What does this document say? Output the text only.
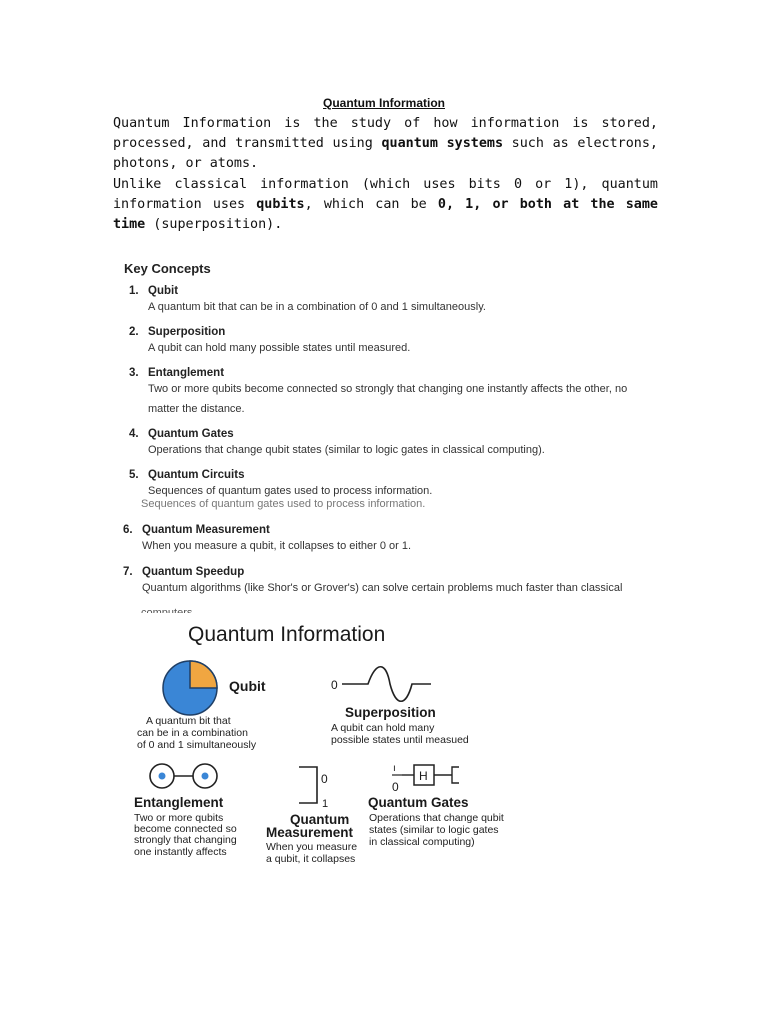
Quantum Information

Quantum Information is the study of how information is stored, processed, and transmitted using quantum systems such as electrons, photons, or atoms.

Unlike classical information (which uses bits 0 or 1), quantum information uses qubits, which can be 0, 1, or both at the same time (superposition).

Key Concepts
1. Qubit
A quantum bit that can be in a combination of 0 and 1 simultaneously.
2. Superposition
A qubit can hold many possible states until measured.
3. Entanglement
Two or more qubits become connected so strongly that changing one instantly affects the other, no matter the distance.
4. Quantum Gates
Operations that change qubit states (similar to logic gates in classical computing).
5. Quantum Circuits
Sequences of quantum gates used to process information.
Sequences of quantum gates used to process information.
6. Quantum Measurement
When you measure a qubit, it collapses to either 0 or 1.
7. Quantum Speedup
Quantum algorithms (like Shor's or Grover's) can solve certain problems much faster than classical
Quantum Information
Qubit
A quantum bit that
can be in a combination
of 0 and 1 simultaneously
0
Superposition
A qubit can hold many
possible states until measued
Entanglement
Two or more qubits
become connected so
strongly that changing
one instantly affects
0
1
Quantum
Measurement
When you measure
a qubit, it collapses
ı
0
H
Quantum Gates
Operations that change qubit
states (similar to logic gates
in classical computing)
